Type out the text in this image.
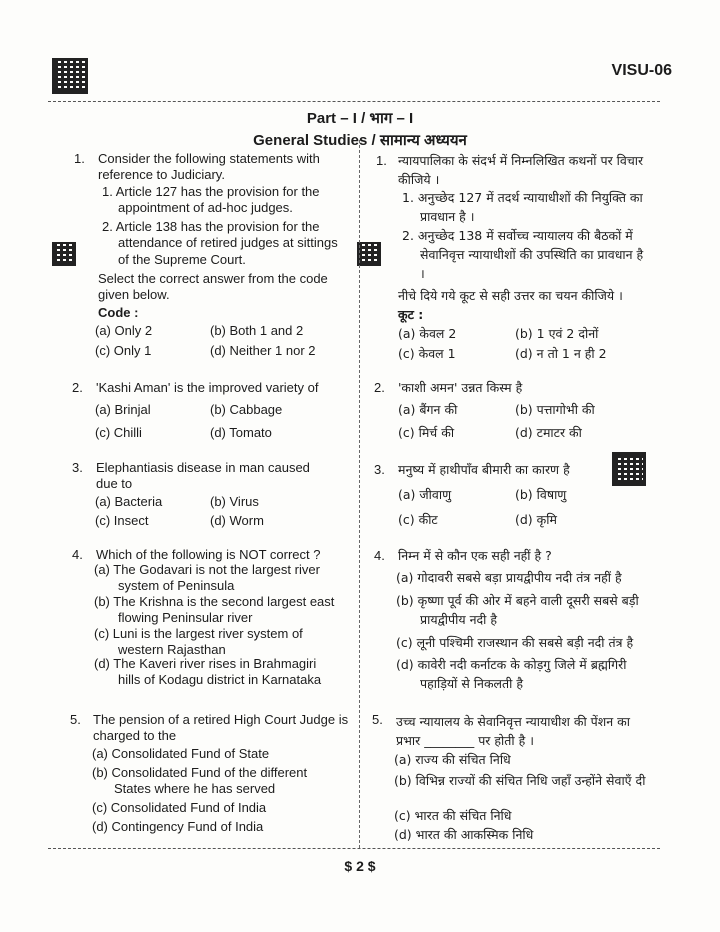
VISU-06
Part – I / भाग – I
General Studies / सामान्य अध्ययन
1. Consider the following statements with reference to Judiciary.
1. Article 127 has the provision for the appointment of ad-hoc judges.
2. Article 138 has the provision for the attendance of retired judges at sittings of the Supreme Court.
Select the correct answer from the code given below.
Code :
(a) Only 2	(b) Both 1 and 2
(c) Only 1	(d) Neither 1 nor 2
2. 'Kashi Aman' is the improved variety of
(a) Brinjal	(b) Cabbage
(c) Chilli	(d) Tomato
3. Elephantiasis disease in man caused due to
(a) Bacteria	(b) Virus
(c) Insect	(d) Worm
4. Which of the following is NOT correct ?
(a) The Godavari is not the largest river system of Peninsula
(b) The Krishna is the second largest east flowing Peninsular river
(c) Luni is the largest river system of western Rajasthan
(d) The Kaveri river rises in Brahmagiri hills of Kodagu district in Karnataka
5. The pension of a retired High Court Judge is charged to the
(a) Consolidated Fund of State
(b) Consolidated Fund of the different States where he has served
(c) Consolidated Fund of India
(d) Contingency Fund of India
1. न्यायपालिका के संदर्भ में निम्नलिखित कथनों पर विचार कीजिये ।
1. अनुच्छेद 127 में तदर्थ न्यायाधीशों की नियुक्ति का प्रावधान है ।
2. अनुच्छेद 138 में सर्वोच्च न्यायालय की बैठकों में सेवानिवृत्त न्यायाधीशों की उपस्थिति का प्रावधान है ।
नीचे दिये गये कूट से सही उत्तर का चयन कीजिये ।
कूट :
(a) केवल 2	(b) 1 एवं 2 दोनों
(c) केवल 1	(d) न तो 1 न ही 2
2. 'काशी अमन' उन्नत किस्म है
(a) बैंगन की	(b) पत्तागोभी की
(c) मिर्च की	(d) टमाटर की
3. मनुष्य में हाथीपाँव बीमारी का कारण है
(a) जीवाणु	(b) विषाणु
(c) कीट	(d) कृमि
4. निम्न में से कौन एक सही नहीं है ?
(a) गोदावरी सबसे बड़ा प्रायद्वीपीय नदी तंत्र नहीं है
(b) कृष्णा पूर्व की ओर में बहने वाली दूसरी सबसे बड़ी प्रायद्वीपीय नदी है
(c) लूनी पश्चिमी राजस्थान की सबसे बड़ी नदी तंत्र है
(d) कावेरी नदी कर्नाटक के कोड़गु जिले में ब्रह्मगिरी पहाड़ियों से निकलती है
5. उच्च न्यायालय के सेवानिवृत्त न्यायाधीश की पेंशन का प्रभार ________ पर होती है ।
(a) राज्य की संचित निधि
(b) विभिन्न राज्यों की संचित निधि जहाँ उन्होंने सेवाएँ दी
(c) भारत की संचित निधि
(d) भारत की आकस्मिक निधि
$ 2 $
